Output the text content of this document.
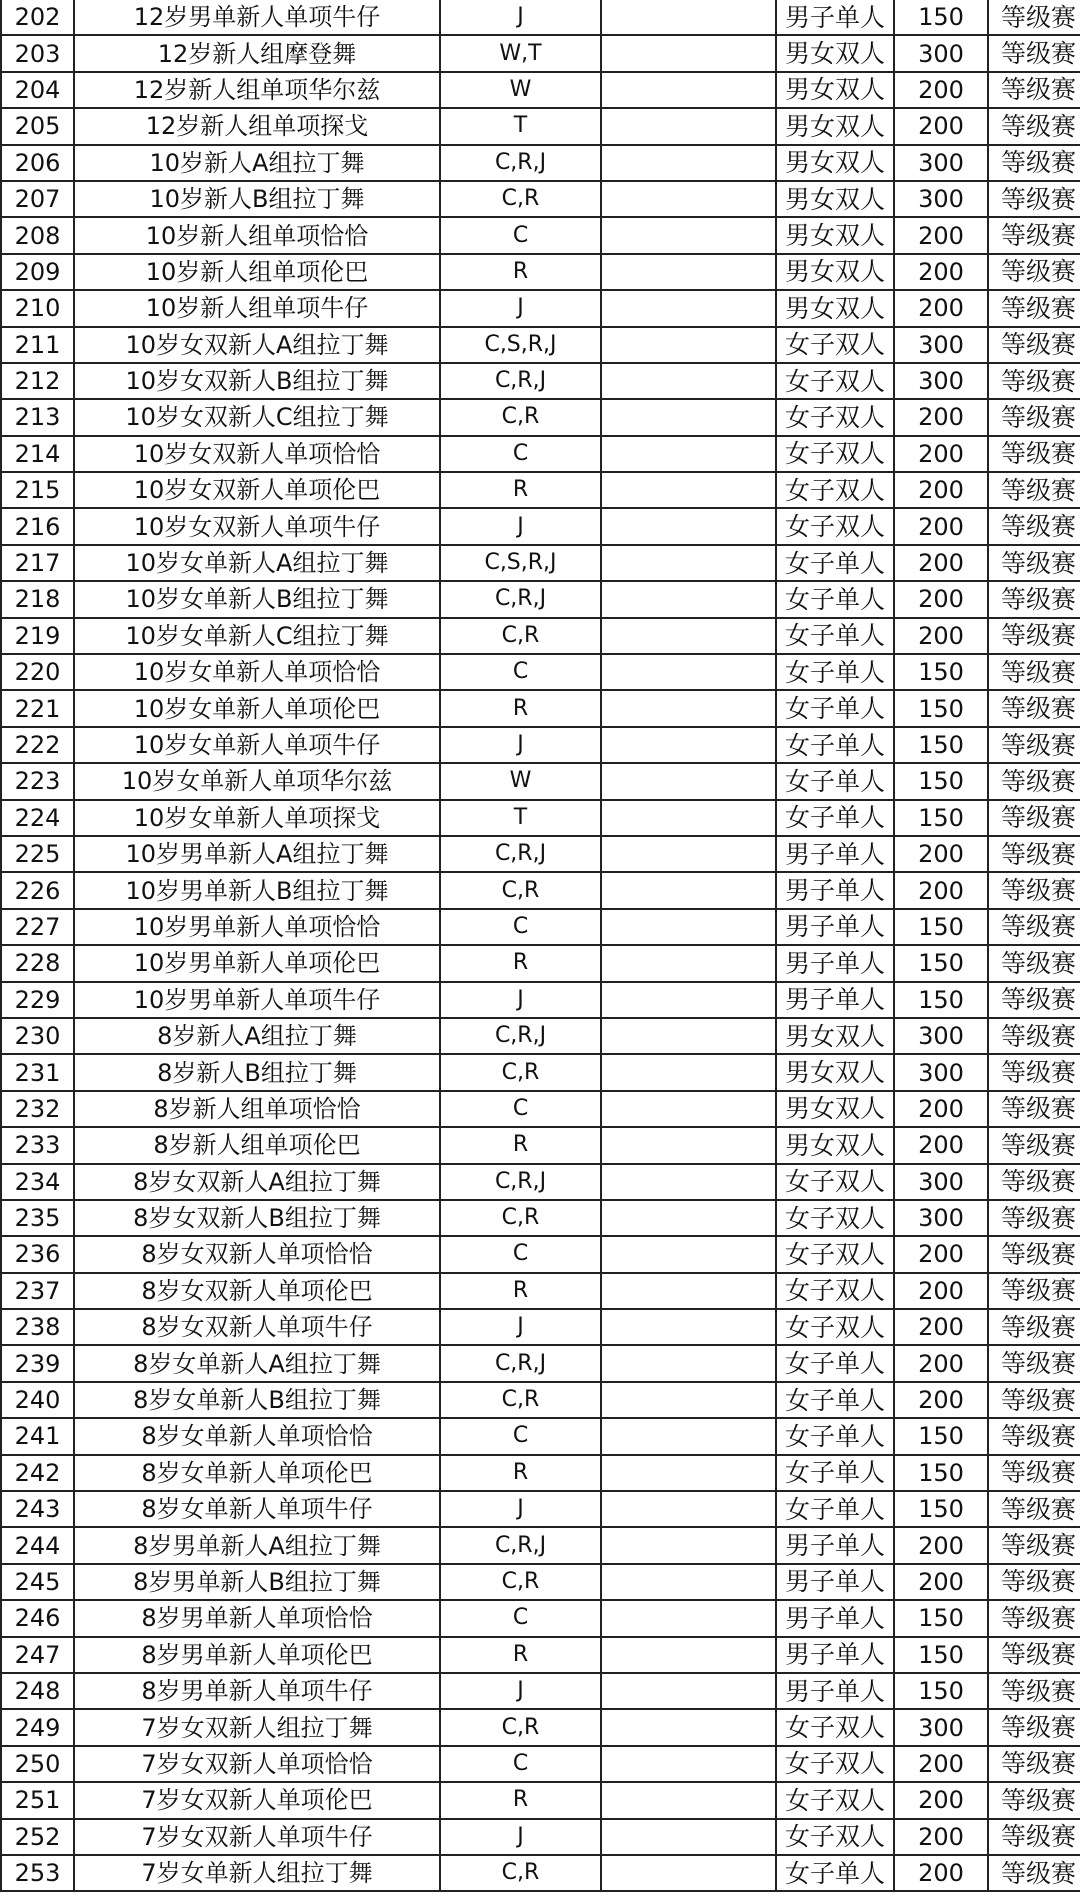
202	12岁男单新人单项牛仔	J		男子单人	150	等级赛
203	12岁新人组摩登舞	W,T		男女双人	300	等级赛
204	12岁新人组单项华尔兹	W		男女双人	200	等级赛
205	12岁新人组单项探戈	T		男女双人	200	等级赛
206	10岁新人A组拉丁舞	C,R,J		男女双人	300	等级赛
207	10岁新人B组拉丁舞	C,R		男女双人	300	等级赛
208	10岁新人组单项恰恰	C		男女双人	200	等级赛
209	10岁新人组单项伦巴	R		男女双人	200	等级赛
210	10岁新人组单项牛仔	J		男女双人	200	等级赛
211	10岁女双新人A组拉丁舞	C,S,R,J		女子双人	300	等级赛
212	10岁女双新人B组拉丁舞	C,R,J		女子双人	300	等级赛
213	10岁女双新人C组拉丁舞	C,R		女子双人	200	等级赛
214	10岁女双新人单项恰恰	C		女子双人	200	等级赛
215	10岁女双新人单项伦巴	R		女子双人	200	等级赛
216	10岁女双新人单项牛仔	J		女子双人	200	等级赛
217	10岁女单新人A组拉丁舞	C,S,R,J		女子单人	200	等级赛
218	10岁女单新人B组拉丁舞	C,R,J		女子单人	200	等级赛
219	10岁女单新人C组拉丁舞	C,R		女子单人	200	等级赛
220	10岁女单新人单项恰恰	C		女子单人	150	等级赛
221	10岁女单新人单项伦巴	R		女子单人	150	等级赛
222	10岁女单新人单项牛仔	J		女子单人	150	等级赛
223	10岁女单新人单项华尔兹	W		女子单人	150	等级赛
224	10岁女单新人单项探戈	T		女子单人	150	等级赛
225	10岁男单新人A组拉丁舞	C,R,J		男子单人	200	等级赛
226	10岁男单新人B组拉丁舞	C,R		男子单人	200	等级赛
227	10岁男单新人单项恰恰	C		男子单人	150	等级赛
228	10岁男单新人单项伦巴	R		男子单人	150	等级赛
229	10岁男单新人单项牛仔	J		男子单人	150	等级赛
230	8岁新人A组拉丁舞	C,R,J		男女双人	300	等级赛
231	8岁新人B组拉丁舞	C,R		男女双人	300	等级赛
232	8岁新人组单项恰恰	C		男女双人	200	等级赛
233	8岁新人组单项伦巴	R		男女双人	200	等级赛
234	8岁女双新人A组拉丁舞	C,R,J		女子双人	300	等级赛
235	8岁女双新人B组拉丁舞	C,R		女子双人	300	等级赛
236	8岁女双新人单项恰恰	C		女子双人	200	等级赛
237	8岁女双新人单项伦巴	R		女子双人	200	等级赛
238	8岁女双新人单项牛仔	J		女子双人	200	等级赛
239	8岁女单新人A组拉丁舞	C,R,J		女子单人	200	等级赛
240	8岁女单新人B组拉丁舞	C,R		女子单人	200	等级赛
241	8岁女单新人单项恰恰	C		女子单人	150	等级赛
242	8岁女单新人单项伦巴	R		女子单人	150	等级赛
243	8岁女单新人单项牛仔	J		女子单人	150	等级赛
244	8岁男单新人A组拉丁舞	C,R,J		男子单人	200	等级赛
245	8岁男单新人B组拉丁舞	C,R		男子单人	200	等级赛
246	8岁男单新人单项恰恰	C		男子单人	150	等级赛
247	8岁男单新人单项伦巴	R		男子单人	150	等级赛
248	8岁男单新人单项牛仔	J		男子单人	150	等级赛
249	7岁女双新人组拉丁舞	C,R		女子双人	300	等级赛
250	7岁女双新人单项恰恰	C		女子双人	200	等级赛
251	7岁女双新人单项伦巴	R		女子双人	200	等级赛
252	7岁女双新人单项牛仔	J		女子双人	200	等级赛
253	7岁女单新人组拉丁舞	C,R		女子单人	200	等级赛
